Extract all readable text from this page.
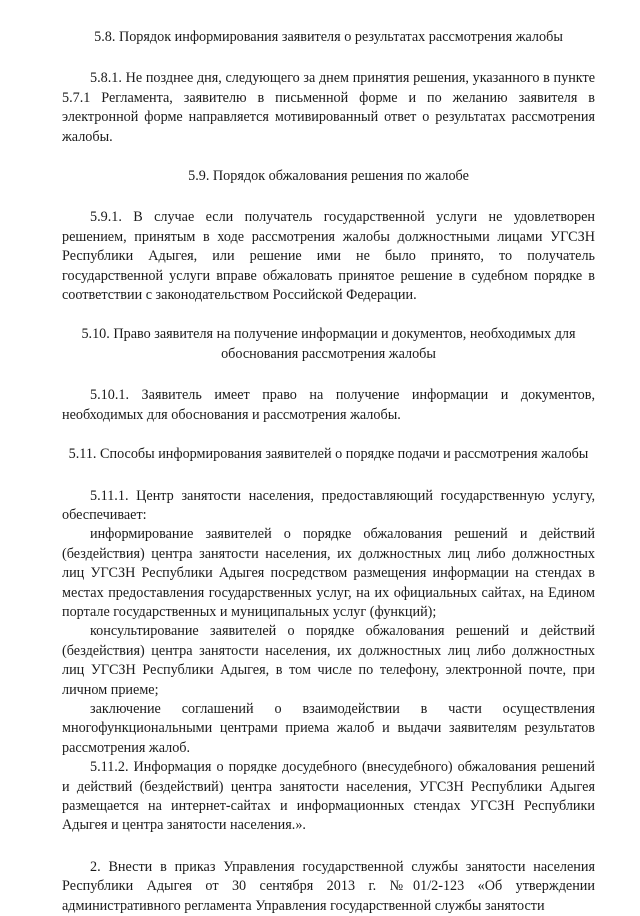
5.8. Порядок информирования заявителя о результатах рассмотрения жалобы

5.8.1. Не позднее дня, следующего за днем принятия решения, указанного в пункте 5.7.1 Регламента, заявителю в письменной форме и по желанию заявителя в электронной форме направляется мотивированный ответ о результатах рассмотрения жалобы.

5.9. Порядок обжалования решения по жалобе

5.9.1. В случае если получатель государственной услуги не удовлетворен решением, принятым в ходе рассмотрения жалобы должностными лицами УГСЗН Республики Адыгея, или решение ими не было принято, то получатель государственной услуги вправе обжаловать принятое решение в судебном порядке в соответствии с законодательством Российской Федерации.

5.10. Право заявителя на получение информации и документов, необходимых для обоснования рассмотрения жалобы

5.10.1. Заявитель имеет право на получение информации и документов, необходимых для обоснования и рассмотрения жалобы.

5.11. Способы информирования заявителей о порядке подачи и рассмотрения жалобы

5.11.1. Центр занятости населения, предоставляющий государственную услугу, обеспечивает:

информирование заявителей о порядке обжалования решений и действий (бездействия) центра занятости населения, их должностных лиц либо должностных лиц УГСЗН Республики Адыгея посредством размещения информации на стендах в местах предоставления государственных услуг, на их официальных сайтах, на Едином портале государственных и муниципальных услуг (функций);

консультирование заявителей о порядке обжалования решений и действий (бездействия) центра занятости населения, их должностных лиц либо должностных лиц УГСЗН Республики Адыгея, в том числе по телефону, электронной почте, при личном приеме;

заключение соглашений о взаимодействии в части осуществления многофункциональными центрами приема жалоб и выдачи заявителям результатов рассмотрения жалоб.

5.11.2. Информация о порядке досудебного (внесудебного) обжалования решений и действий (бездействий) центра занятости населения, УГСЗН Республики Адыгея размещается на интернет-сайтах и информационных стендах УГСЗН Республики Адыгея и центра занятости населения.».

2. Внести в приказ Управления государственной службы занятости населения Республики Адыгея от 30 сентября 2013 г. №01/2-123 «Об утверждении административного регламента Управления государственной службы занятости
